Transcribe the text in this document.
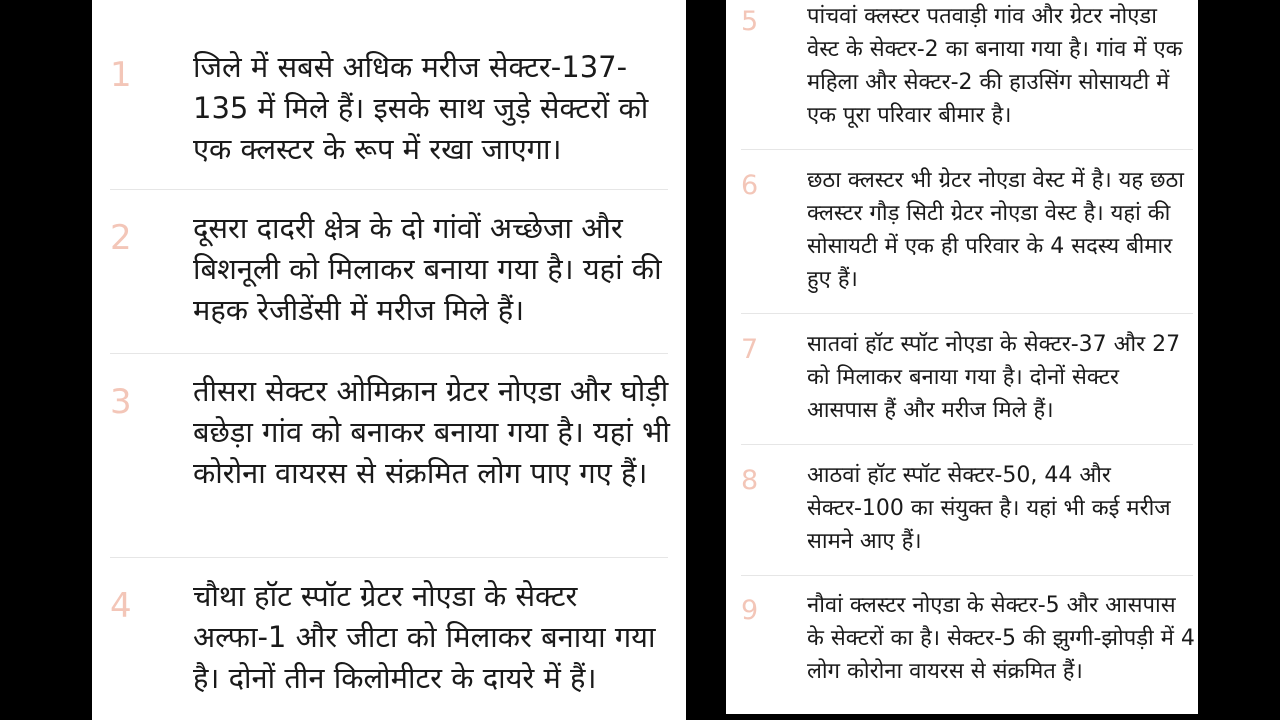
1 जिले में सबसे अधिक मरीज सेक्टर-137-135 में मिले हैं। इसके साथ जुड़े सेक्टरों को एक क्लस्टर के रूप में रखा जाएगा।

2 दूसरा दादरी क्षेत्र के दो गांवों अच्छेजा और बिशनूली को मिलाकर बनाया गया है। यहां की महक रेजीडेंसी में मरीज मिले हैं।

3 तीसरा सेक्टर ओमिक्रान ग्रेटर नोएडा और घोड़ी बछेड़ा गांव को बनाकर बनाया गया है। यहां भी कोरोना वायरस से संक्रमित लोग पाए गए हैं।

4 चौथा हॉट स्पॉट ग्रेटर नोएडा के सेक्टर अल्फा-1 और जीटा को मिलाकर बनाया गया है। दोनों तीन किलोमीटर के दायरे में हैं।

5 पांचवां क्लस्टर पतवाड़ी गांव और ग्रेटर नोएडा वेस्ट के सेक्टर-2 का बनाया गया है। गांव में एक महिला और सेक्टर-2 की हाउसिंग सोसायटी में एक पूरा परिवार बीमार है।

6 छठा क्लस्टर भी ग्रेटर नोएडा वेस्ट में है। यह छठा क्लस्टर गौड़ सिटी ग्रेटर नोएडा वेस्ट है। यहां की सोसायटी में एक ही परिवार के 4 सदस्य बीमार हुए हैं।

7 सातवां हॉट स्पॉट नोएडा के सेक्टर-37 और 27 को मिलाकर बनाया गया है। दोनों सेक्टर आसपास हैं और मरीज मिले हैं।

8 आठवां हॉट स्पॉट सेक्टर-50, 44 और सेक्टर-100 का संयुक्त है। यहां भी कई मरीज सामने आए हैं।

9 नौवां क्लस्टर नोएडा के सेक्टर-5 और आसपास के सेक्टरों का है। सेक्टर-5 की झुग्गी-झोपड़ी में 4 लोग कोरोना वायरस से संक्रमित हैं।
